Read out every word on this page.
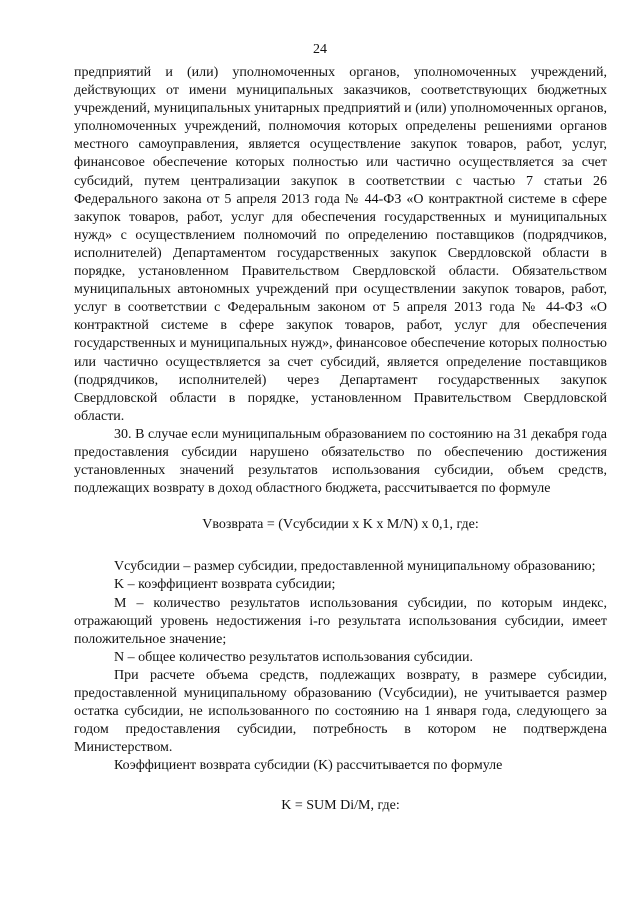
24

предприятий и (или) уполномоченных органов, уполномоченных учреждений, действующих от имени муниципальных заказчиков, соответствующих бюджетных учреждений, муниципальных унитарных предприятий и (или) уполномоченных органов, уполномоченных учреждений, полномочия которых определены решениями органов местного самоуправления, является осуществление закупок товаров, работ, услуг, финансовое обеспечение которых полностью или частично осуществляется за счет субсидий, путем централизации закупок в соответствии с частью 7 статьи 26 Федерального закона от 5 апреля 2013 года № 44-ФЗ «О контрактной системе в сфере закупок товаров, работ, услуг для обеспечения государственных и муниципальных нужд» с осуществлением полномочий по определению поставщиков (подрядчиков, исполнителей) Департаментом государственных закупок Свердловской области в порядке, установленном Правительством Свердловской области. Обязательством муниципальных автономных учреждений при осуществлении закупок товаров, работ, услуг в соответствии с Федеральным законом от 5 апреля 2013 года № 44-ФЗ «О контрактной системе в сфере закупок товаров, работ, услуг для обеспечения государственных и муниципальных нужд», финансовое обеспечение которых полностью или частично осуществляется за счет субсидий, является определение поставщиков (подрядчиков, исполнителей) через Департамент государственных закупок Свердловской области в порядке, установленном Правительством Свердловской области.

30. В случае если муниципальным образованием по состоянию на 31 декабря года предоставления субсидии нарушено обязательство по обеспечению достижения установленных значений результатов использования субсидии, объем средств, подлежащих возврату в доход областного бюджета, рассчитывается по формуле

Vвозврата = (Vсубсидии x K x M/N) x 0,1, где:

Vсубсидии – размер субсидии, предоставленной муниципальному образованию;

K – коэффициент возврата субсидии;

M – количество результатов использования субсидии, по которым индекс, отражающий уровень недостижения i-го результата использования субсидии, имеет положительное значение;

N – общее количество результатов использования субсидии.

При расчете объема средств, подлежащих возврату, в размере субсидии, предоставленной муниципальному образованию (Vсубсидии), не учитывается размер остатка субсидии, не использованного по состоянию на 1 января года, следующего за годом предоставления субсидии, потребность в котором не подтверждена Министерством.

Коэффициент возврата субсидии (K) рассчитывается по формуле

K = SUM Di/M, где:
